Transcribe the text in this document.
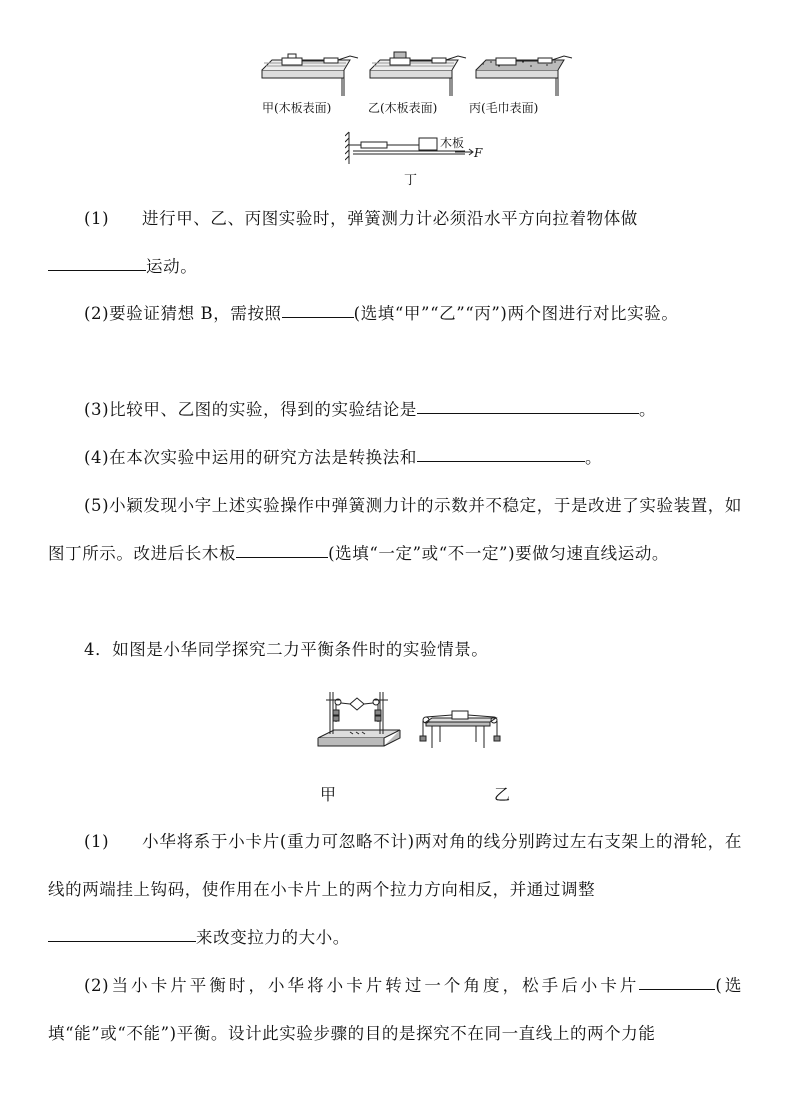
甲(木板表面)	乙(木板表面)	丙(毛巾表面)
木板
F
丁
(1) 进行甲、乙、丙图实验时，弹簧测力计必须沿水平方向拉着物体做
运动。
(2)要验证猜想 B，需按照	(选填“甲”“乙”“丙”)两个图进行对比实验。
(3)比较甲、乙图的实验，得到的实验结论是	。
(4)在本次实验中运用的研究方法是转换法和	。
(5)小颖发现小宇上述实验操作中弹簧测力计的示数并不稳定，于是改进了实验装置，如图丁所示。改进后长木板	(选填“一定”或“不一定”)要做匀速直线运动。
4．如图是小华同学探究二力平衡条件时的实验情景。
甲	乙
(1) 小华将系于小卡片(重力可忽略不计)两对角的线分别跨过左右支架上的滑轮，在线的两端挂上钩码，使作用在小卡片上的两个拉力方向相反，并通过调整
来改变拉力的大小。
(2)当小卡片平衡时，小华将小卡片转过一个角度，松手后小卡片	(选填“能”或“不能”)平衡。设计此实验步骤的目的是探究不在同一直线上的两个力能
